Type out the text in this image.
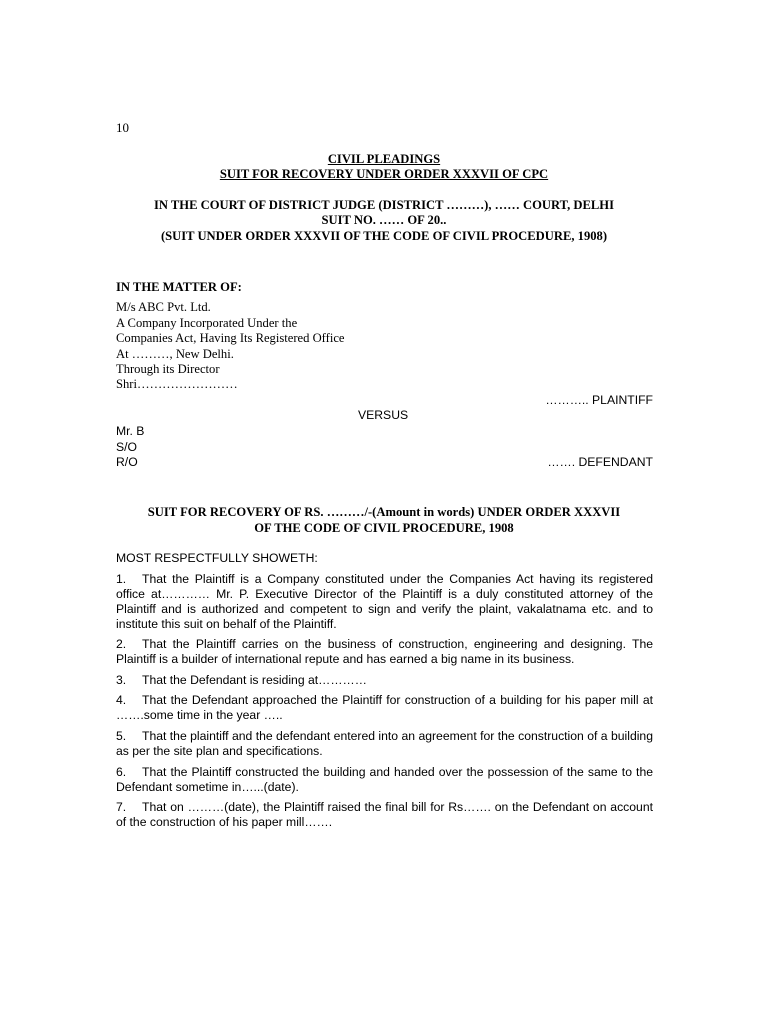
10
CIVIL PLEADINGS
SUIT FOR RECOVERY UNDER ORDER XXXVII OF CPC
IN THE COURT OF DISTRICT JUDGE (DISTRICT ………), …… COURT, DELHI
SUIT NO. …… OF 20..
(SUIT UNDER ORDER XXXVII OF THE CODE OF CIVIL PROCEDURE, 1908)
IN THE MATTER OF:
M/s ABC Pvt. Ltd.
A Company Incorporated Under the
Companies Act, Having Its Registered Office
At ………, New Delhi.
Through its Director
Shri……………………
……….. PLAINTIFF
VERSUS
Mr. B
S/O
R/O	……. DEFENDANT
SUIT FOR RECOVERY OF RS. ………/-(Amount in words) UNDER ORDER XXXVII
OF THE CODE OF CIVIL PROCEDURE, 1908
MOST RESPECTFULLY SHOWETH:
1. That the Plaintiff is a Company constituted under the Companies Act having its registered office at………… Mr. P. Executive Director of the Plaintiff is a duly constituted attorney of the Plaintiff and is authorized and competent to sign and verify the plaint, vakalatnama etc. and to institute this suit on behalf of the Plaintiff.
2. That the Plaintiff carries on the business of construction, engineering and designing. The Plaintiff is a builder of international repute and has earned a big name in its business.
3. That the Defendant is residing at…………
4. That the Defendant approached the Plaintiff for construction of a building for his paper mill at …….some time in the year …..
5. That the plaintiff and the defendant entered into an agreement for the construction of a building as per the site plan and specifications.
6. That the Plaintiff constructed the building and handed over the possession of the same to the Defendant sometime in…...(date).
7. That on ………(date), the Plaintiff raised the final bill for Rs……. on the Defendant on account of the construction of his paper mill…….
